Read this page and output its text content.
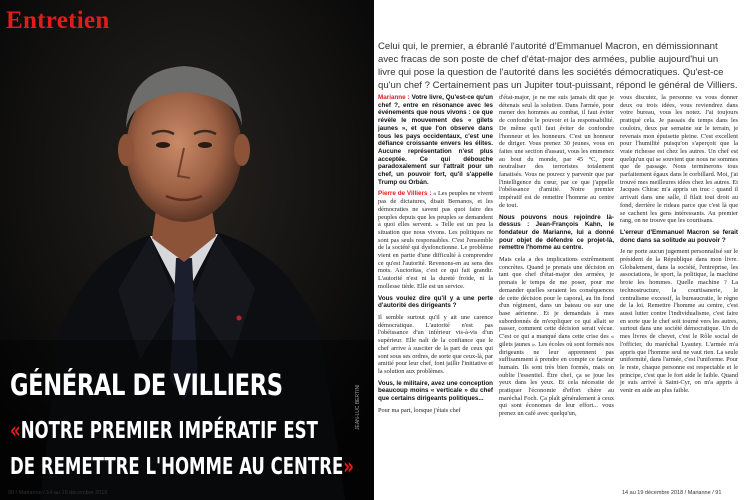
Entretien
GÉNÉRAL DE VILLIERS
«NOTRE PREMIER IMPÉRATIF EST
DE REMETTRE L'HOMME AU CENTRE»
JEAN-LUC BERTINI
90 / Marianne / 14 au 19 décembre 2018
Celui qui, le premier, a ébranlé l'autorité d'Emmanuel Macron, en démissionnant avec fracas de son poste de chef d'état-major des armées, publie aujourd'hui un livre qui pose la question de l'autorité dans les sociétés démocratiques. Qu'est-ce qu'un chef ? Certainement pas un Jupiter tout-puissant, répond le général de Villiers.

Marianne : Votre livre, Qu'est-ce qu'un chef ?, entre en résonance avec les événements que nous vivons : ce que révèle le mouvement des « gilets jaunes », et que l'on observe dans tous les pays occidentaux, c'est une défiance croissante envers les élites. Aucune représentation n'est plus acceptée. Ce qui débouche paradoxalement sur l'attrait pour un chef, un pouvoir fort, qu'il s'appelle Trump ou Orbán.

Pierre de Villiers : « Les peuples ne vivent pas de dictatures, disait Bernanos, et les démocraties ne savent pas quoi faire des peuples depuis que les peuples se demandent à quoi elles servent. » Telle est un peu la situation que nous vivons. Les politiques ne sont pas seuls responsables. C'est l'ensemble de la société qui dysfonctionne. Le problème vient en partie d'une difficulté à comprendre ce qu'est l'autorité. Revenons-en au sens des mots. Auctoritas, c'est ce qui fait grandir. L'autorité n'est ni la dureté froide, ni la mollesse tiède. Elle est un service.

Vous voulez dire qu'il y a une perte d'autorité des dirigeants ?

Il semble surtout qu'il y ait une carence démocratique. L'autorité n'est pas l'obéissance d'un inférieur vis-à-vis d'un supérieur. Elle naît de la confiance que le chef arrive à susciter de la part de ceux qui sont sous ses ordres, de sorte que ceux-là, par amitié pour leur chef, font jaillir l'initiative et la solution aux problèmes.

Vous, le militaire, avez une conception beaucoup moins « verticale » du chef que certains dirigeants politiques...

Pour ma part, lorsque j'étais chef

d'état-major, je ne me suis jamais dit que je détenais seul la solution. Dans l'armée, pour mener des hommes au combat, il faut éviter de confondre le pouvoir et la responsabilité. De même qu'il faut éviter de confondre l'honneur et les honneurs. C'est un honneur de diriger. Vous prenez 30 jeunes, vous en faites une section d'assaut, vous les emmenez au bout du monde, par 45 °C, pour neutraliser des terroristes totalement fanatisés. Vous ne pouvez y parvenir que par l'intelligence du cœur, par ce que j'appelle l'obéissance d'amitié. Notre premier impératif est de remettre l'homme au centre de tout.

Nous pouvons nous rejoindre là-dessus : Jean-François Kahn, le fondateur de Marianne, lui a donné pour objet de défendre ce projet-là, remettre l'homme au centre.

Mais cela a des implications extrêmement concrètes. Quand je prenais une décision en tant que chef d'état-major des armées, je prenais le temps de me poser, pour me demander quelles seraient les conséquences de cette décision pour le caporal, au fin fond d'un régiment, dans un bateau ou sur une base aérienne. Et je demandais à mes subordonnés de m'expliquer ce qui allait se passer, comment cette décision serait vécue. C'est ce qui a manqué dans cette crise des « gilets jaunes ». Les écoles où sont formés nos dirigeants ne leur apprennent pas suffisamment à prendre en compte ce facteur humain. Ils sont très bien formés, mais on oublie l'essentiel. Être chef, ça se joue les yeux dans les yeux. Et cela nécessite de pratiquer l'économie d'effort chère au maréchal Foch. Ça plaît généralement à ceux qui sont économes de leur effort... vous prenez un café avec quelqu'un,

vous discutez, la personne va vous donner deux ou trois idées, vous reviendrez dans votre bureau, vous les notez. J'ai toujours pratiqué cela. Je passais du temps dans les couloirs, deux par semaine sur le terrain, je revenais mon épuisette pleine. C'est excellent pour l'humilité puisqu'on s'aperçoit que la vraie richesse est chez les autres. Un chef est quelqu'un qui se souvient que nous ne sommes que de passage. Nous terminerons tous parfaitement égaux dans le corbillard. Moi, j'ai trouvé mes meilleures idées chez les autres. Et Jacques Chirac m'a appris un truc : quand il arrivait dans une salle, il filait tout droit au fond, derrière le rideau parce que c'est là que se cachent les gens intéressants. Au premier rang, on ne trouve que les courtisans.

L'erreur d'Emmanuel Macron se ferait donc dans sa solitude au pouvoir ?

Je ne porte aucun jugement personnalisé sur le président de la République dans mon livre. Globalement, dans la société, l'entreprise, les associations, le sport, la politique, la machine broie les hommes. Quelle machine ? La technostructure, la courtisanerie, le centralisme excessif, la bureaucratie, le règne de la loi. Remettre l'homme au centre, c'est aussi lutter contre l'individualisme, c'est faire en sorte que le chef soit tourné vers les autres, surtout dans une société démocratique. Un de mes livres de chevet, c'est le Rôle social de l'officier, du maréchal Lyautey. L'armée m'a appris que l'homme seul ne vaut rien. La seule uniformité, dans l'armée, c'est l'uniforme. Pour le reste, chaque personne est respectable et le principe, c'est que le fort aide le faible. Quand je suis arrivé à Saint-Cyr, on m'a appris à venir en aide au plus faible.

14 au 19 décembre 2018 / Marianne / 91
